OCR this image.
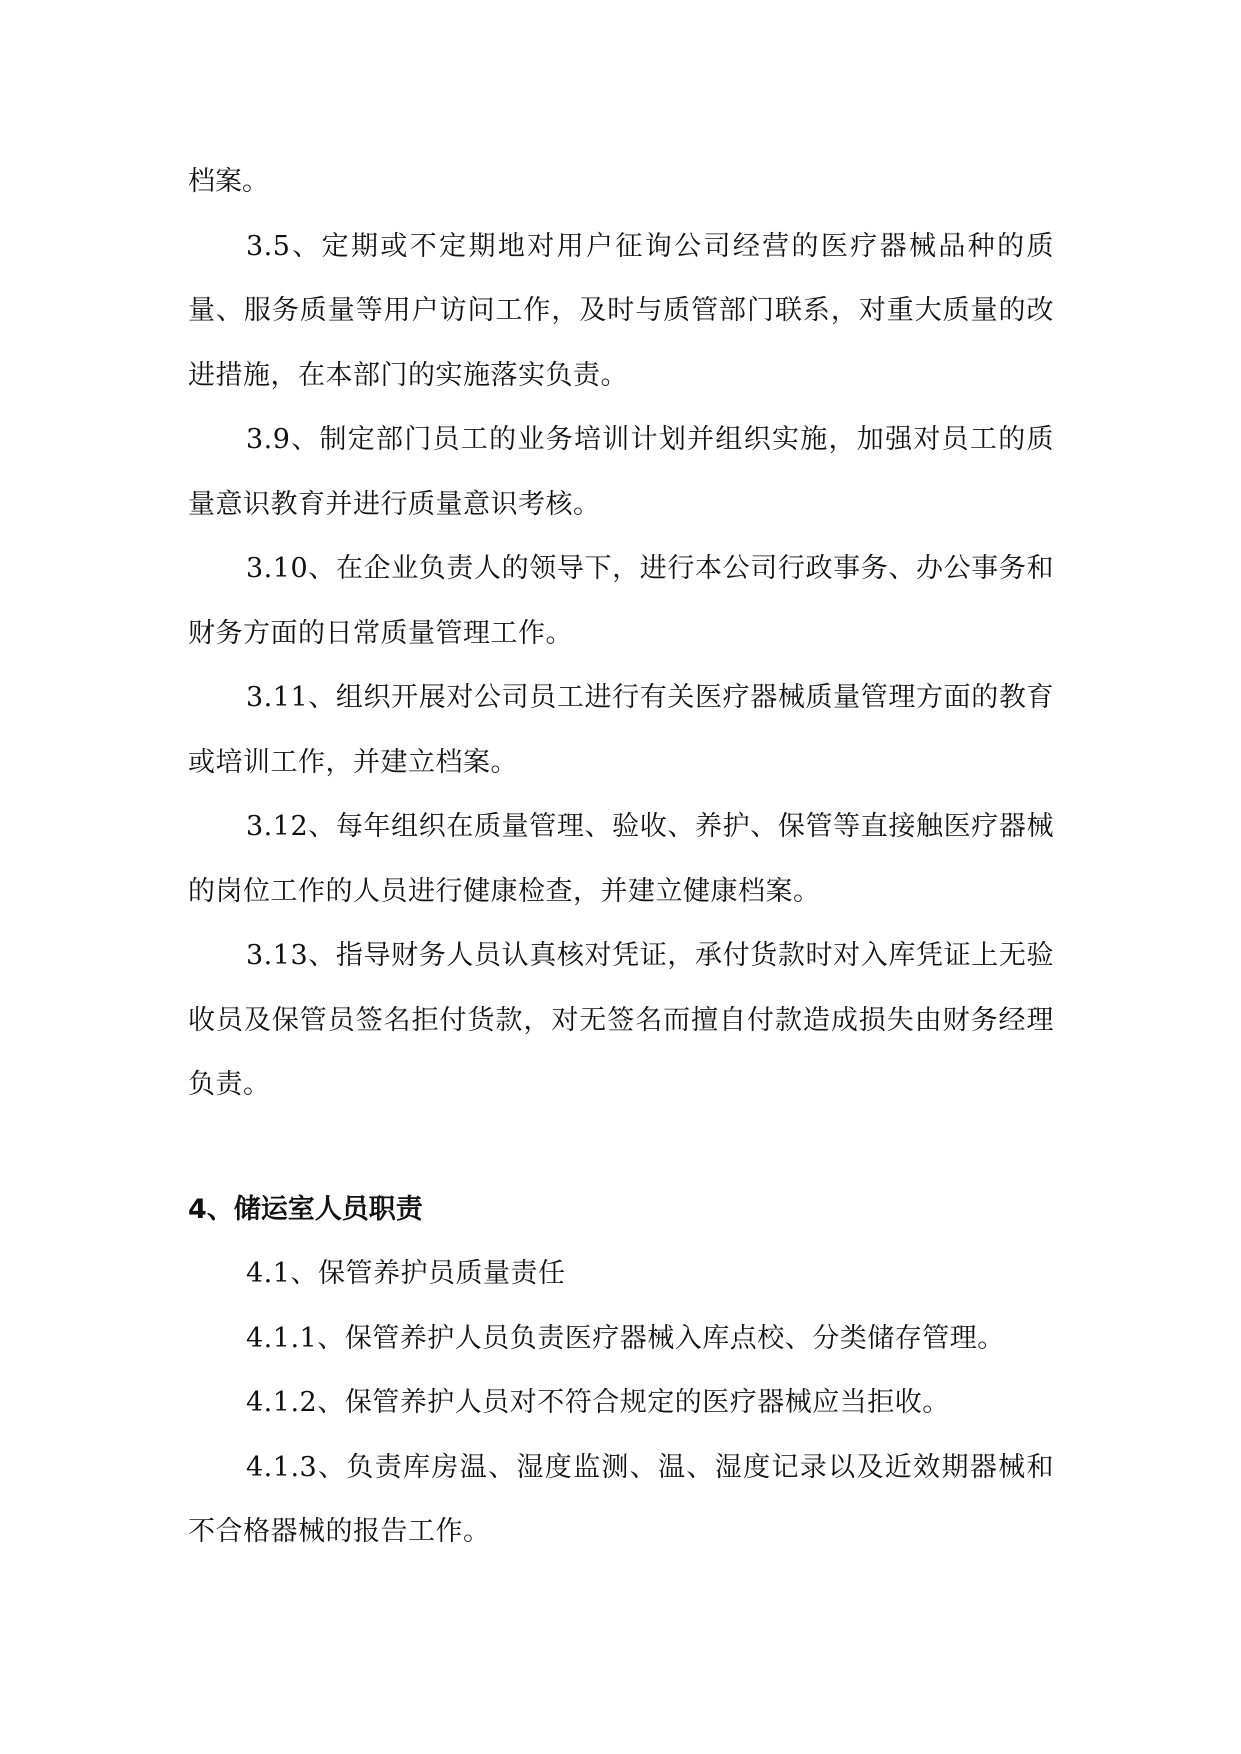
档案。

3.5、定期或不定期地对用户征询公司经营的医疗器械品种的质量、服务质量等用户访问工作，及时与质管部门联系，对重大质量的改进措施，在本部门的实施落实负责。

3.9、制定部门员工的业务培训计划并组织实施，加强对员工的质量意识教育并进行质量意识考核。

3.10、在企业负责人的领导下，进行本公司行政事务、办公事务和财务方面的日常质量管理工作。

3.11、组织开展对公司员工进行有关医疗器械质量管理方面的教育或培训工作，并建立档案。

3.12、每年组织在质量管理、验收、养护、保管等直接触医疗器械的岗位工作的人员进行健康检查，并建立健康档案。

3.13、指导财务人员认真核对凭证，承付货款时对入库凭证上无验收员及保管员签名拒付货款，对无签名而擅自付款造成损失由财务经理负责。

4、储运室人员职责

4.1、保管养护员质量责任

4.1.1、保管养护人员负责医疗器械入库点校、分类储存管理。

4.1.2、保管养护人员对不符合规定的医疗器械应当拒收。

4.1.3、负责库房温、湿度监测、温、湿度记录以及近效期器械和不合格器械的报告工作。
